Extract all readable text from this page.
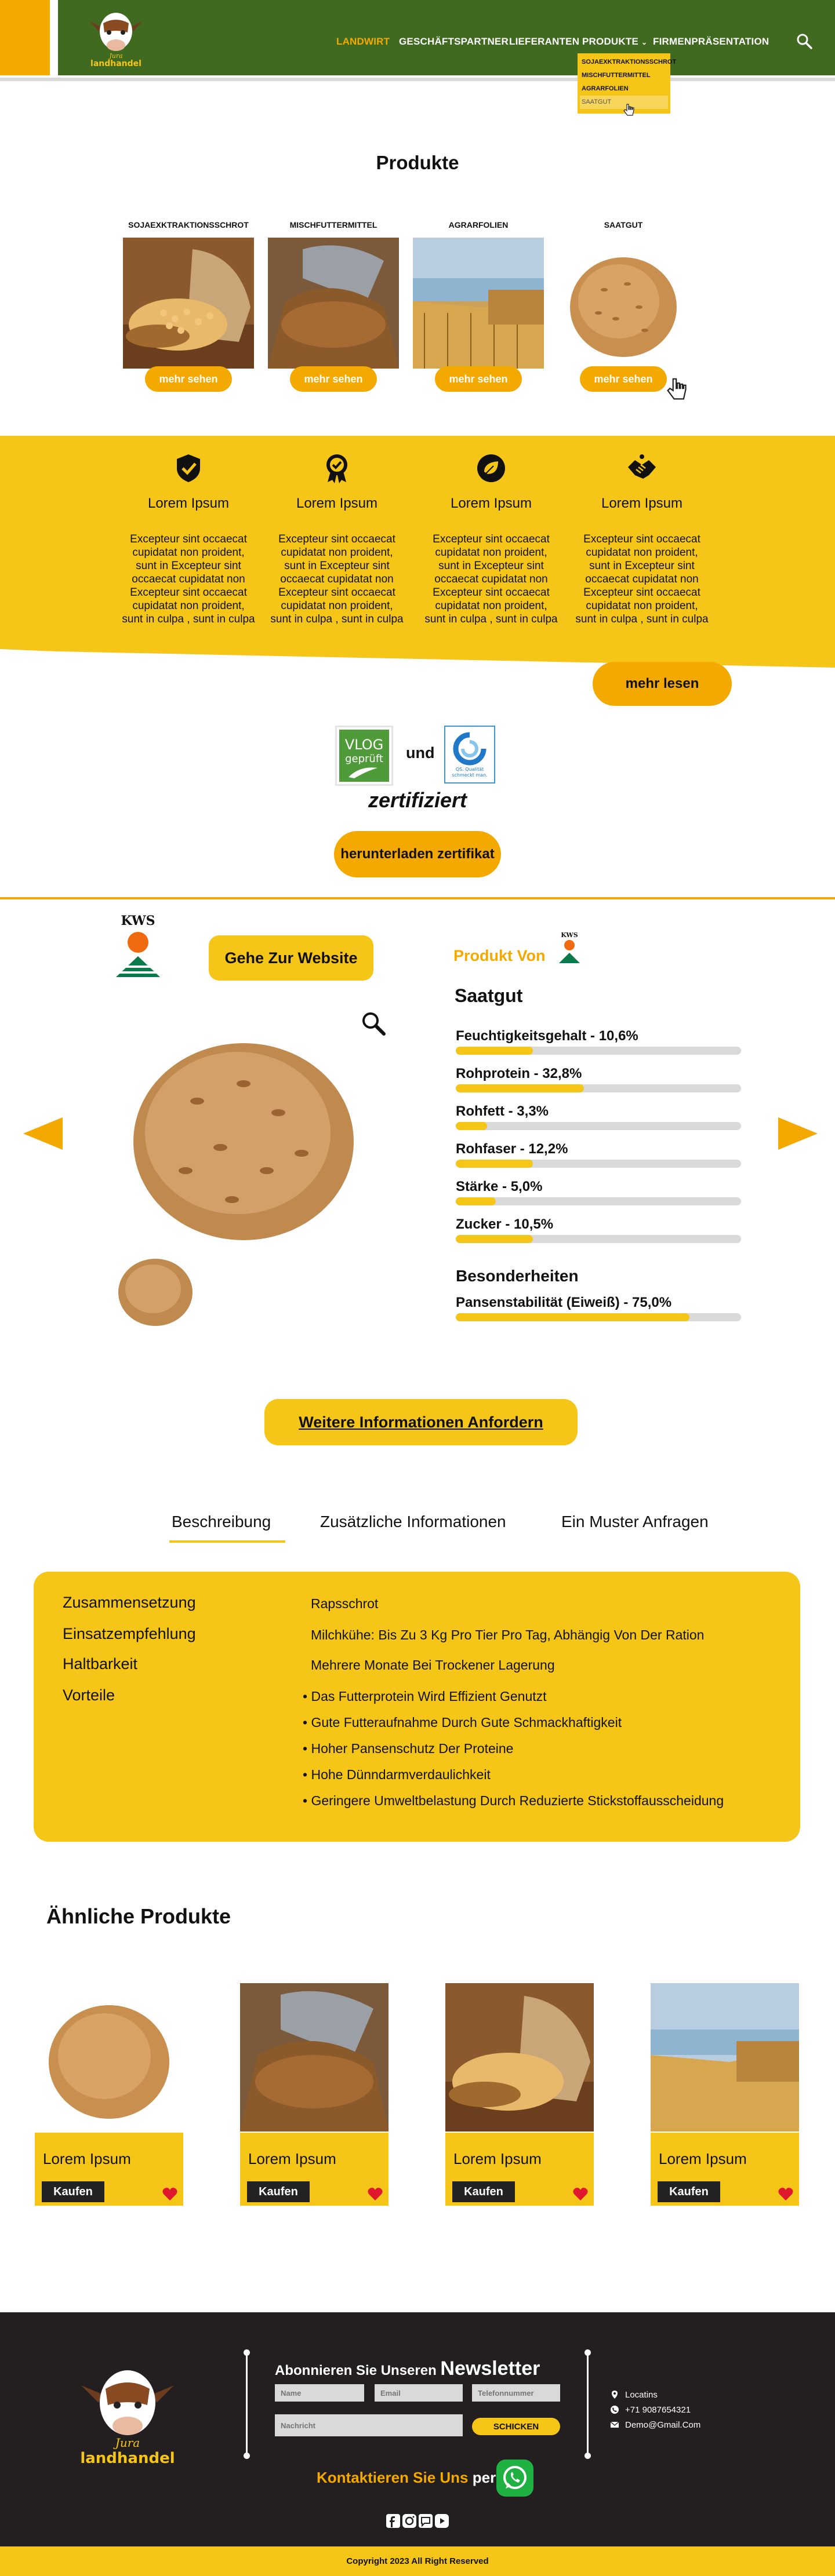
Jura
landhandel
LANDWIRT GESCHÄFTSPARTNER LIEFERANTEN PRODUKTE ⌄ FIRMENPRÄSENTATION
SOJAEXKTRAKTIONSSCHROT
MISCHFUTTERMITTEL
AGRARFOLIEN
SAATGUT
Produkte
SOJAEXKTRAKTIONSSCHROT
mehr sehen
MISCHFUTTERMITTEL
mehr sehen
AGRARFOLIEN
mehr sehen
SAATGUT
mehr sehen
Lorem Ipsum
Excepteur sint occaecat cupidatat non proident, sunt in Excepteur sint occaecat cupidatat non Excepteur sint occaecat cupidatat non proident, sunt in culpa , sunt in culpa
Lorem Ipsum
Excepteur sint occaecat cupidatat non proident, sunt in Excepteur sint occaecat cupidatat non Excepteur sint occaecat cupidatat non proident, sunt in culpa , sunt in culpa
Lorem Ipsum
Excepteur sint occaecat cupidatat non proident, sunt in Excepteur sint occaecat cupidatat non Excepteur sint occaecat cupidatat non proident, sunt in culpa , sunt in culpa
Lorem Ipsum
Excepteur sint occaecat cupidatat non proident, sunt in Excepteur sint occaecat cupidatat non Excepteur sint occaecat cupidatat non proident, sunt in culpa , sunt in culpa
mehr lesen
VLOG
geprüft und
QS. Qualität
schmeckt man.
zertifiziert
herunterladen zertifikat
KWS
Gehe Zur Website	Produkt Von
KWS
Saatgut
Feuchtigkeitsgehalt - 10,6%
Rohprotein - 32,8%
Rohfett - 3,3%
Rohfaser - 12,2%
Stärke - 5,0%
Zucker - 10,5%
Besonderheiten
Pansenstabilität (Eiweiß) - 75,0%
Weitere Informationen Anfordern
Beschreibung	Zusätzliche Informationen	Ein Muster Anfragen
Zusammensetzung	Rapsschrot
Einsatzempfehlung	Milchkühe: Bis Zu 3 Kg Pro Tier Pro Tag, Abhängig Von Der Ration
Haltbarkeit	Mehrere Monate Bei Trockener Lagerung
Vorteile	• Das Futterprotein Wird Effizient Genutzt
• Gute Futteraufnahme Durch Gute Schmackhaftigkeit
• Hoher Pansenschutz Der Proteine
• Hohe Dünndarmverdaulichkeit
• Geringere Umweltbelastung Durch Reduzierte Stickstoffausscheidung
Ähnliche Produkte
Lorem Ipsum
Kaufen
Lorem Ipsum
Kaufen
Lorem Ipsum
Kaufen
Lorem Ipsum
Kaufen
Jura
landhandel
Abonnieren Sie Unseren Newsletter
Name
Email
Telefonnummer
Nachricht
SCHICKEN
Locatins
+71 9087654321
Demo@Gmail.Com
Kontaktieren Sie Uns per
Copyright 2023 All Right Reserved
